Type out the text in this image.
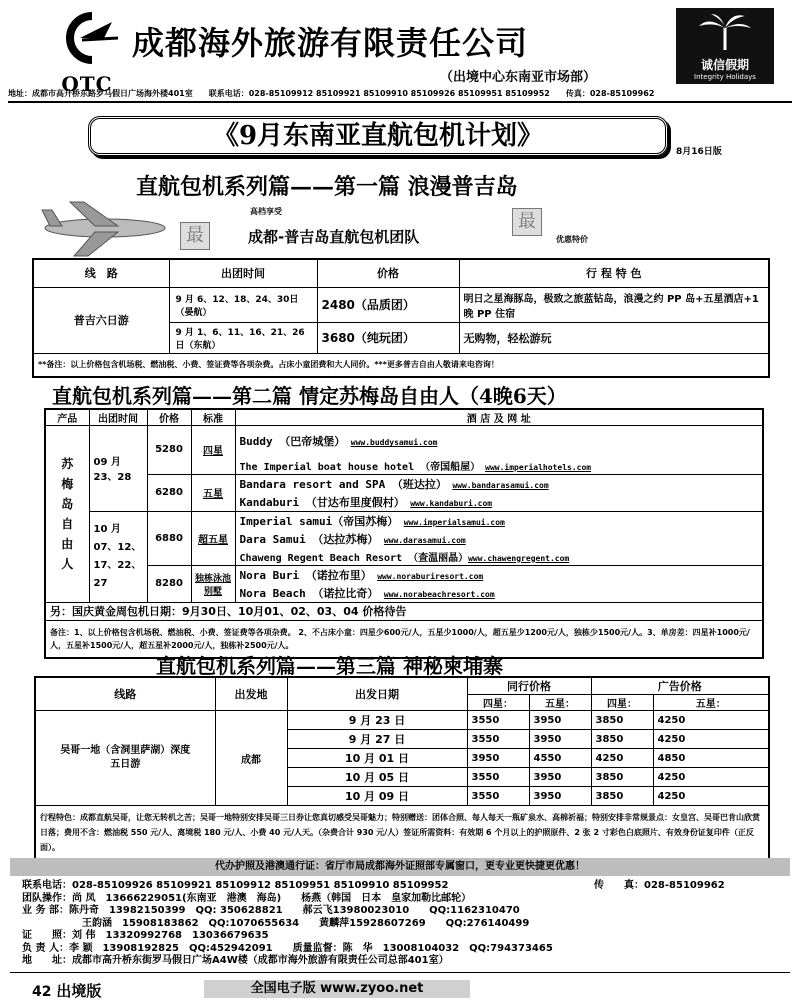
OTC
成都海外旅游有限责任公司
（出境中心东南亚市场部）
诚信假期
Integrity Holidays
地址：成都市高升桥东路罗马假日广场海外楼401室　　联系电话：028-85109912 85109921 85109910 85109926 85109951 85109952　　传真：028-85109962
《9月东南亚直航包机计划》
8月16日版
直航包机系列篇——第一篇 浪漫普吉岛
高档享受
最	成都-普吉岛直航包机团队
最
优惠特价
线　路	出团时间	价格	行 程 特 色
普吉六日游	9 月 6、12、18、24、30日（晏航）	2480（品质团）	明日之星海豚岛，极致之旅蓝钻岛，浪漫之约 PP 岛+五星酒店+1 晚 PP 住宿
	9 月 1、6、11、16、21、26 日（东航）	3680（纯玩团）	无购物，轻松游玩
**备注：以上价格包含机场税、燃油税、小费、签证费等各项杂费。占床小童团费和大人同价。***更多普吉自由人敬请来电咨询！			
直航包机系列篇——第二篇 情定苏梅岛自由人（4晚6天）
产品	出团时间	价格	标准	酒 店 及 网 址
苏梅岛自由人	09 月 23、28	5280	四星	Buddy （巴帝城堡）　 www.buddysamui.com
				The Imperial boat house hotel （帝国船屋）　 www.imperialhotels.com
		6280	五星	Bandara resort and SPA （班达拉）　 www.bandarasamui.com
				Kandaburi （甘达布里度假村）　 www.kandaburi.com
	10 月 07、12、17、22、27	6880	超五星	Imperial samui（帝国苏梅）　 www.imperialsamui.com
				Dara Samui （达拉苏梅）　 www.darasamui.com
				Chaweng Regent Beach Resort （查温丽晶）www.chawengregent.com
		8280	独栋泳池别墅	Nora Buri （诺拉布里）　 www.noraburiresort.com
				Nora Beach （诺拉比奇）　 www.norabeachresort.com
另：国庆黄金周包机日期：9月30日、10月01、02、03、04 价格待告				
备注：1、以上价格包含机场税、燃油税、小费、签证费等各项杂费。 2、不占床小童：四星少600元/人，五星少1000/人，超五星少1200元/人，独栋少1500元/人。3、单房差：四星补1000元/人，五星补1500元/人，超五星补2000元/人，独栋补2500元/人。				
直航包机系列篇——第三篇 神秘柬埔寨
线路	出发地	出发日期	同行价格		广告价格	
			四星：	五星：	四星：	五星：
吴哥一地（含洞里萨湖）深度五日游	成都	9 月 23 日	3550	3950	3850	4250
		9 月 27 日	3550	3950	3850	4250
		10 月 01 日	3950	4550	4250	4850
		10 月 05 日	3550	3950	3850	4250
		10 月 09 日	3550	3950	3850	4250
行程特色：成都直航吴哥，让您无转机之苦；吴哥一地特别安排吴哥三日券让您真切感受吴哥魅力；特别赠送：团体合照、每人每天一瓶矿泉水、高棉祈福；特别安排非常规景点：女皇宫、吴哥巴肯山欣赏日落；费用不含：燃油税 550 元/人、离境税 180 元/人、小费 40 元/人天。（杂费合计 930 元/人）签证所需资料：有效期 6 个月以上的护照原件、2 张 2 寸彩色白底照片、有效身份证复印件（正反面）。						
代办护照及港澳通行证：省厅市局成都海外证照部专属窗口，更专业更快捷更优惠！
联系电话：028-85109926 85109921 85109912 85109951 85109910 85109952	传　　真：028-85109962
团队操作：尚 凤　13666229051(东南亚　港澳　海岛)　　杨燕（韩国　日本　皇家加勒比邮轮）
业 务 部：陈丹奇　13982150399　QQ: 350628821　　郝云飞13980023010　　QQ:1162310470
王韵涵　15908183862　QQ:1070655634　　黄麟萍15928607269　　QQ:276140499
证　　照：刘 伟　13320992768　13036679635
负 责 人：李 颖　13908192825　QQ:452942091　　质量监督：陈　华　13008104032　QQ:794373465
地　　址：成都市高升桥东街罗马假日广场A4W楼（成都市海外旅游有限责任公司总部401室）
42 出境版	全国电子版 www.zyoo.net
